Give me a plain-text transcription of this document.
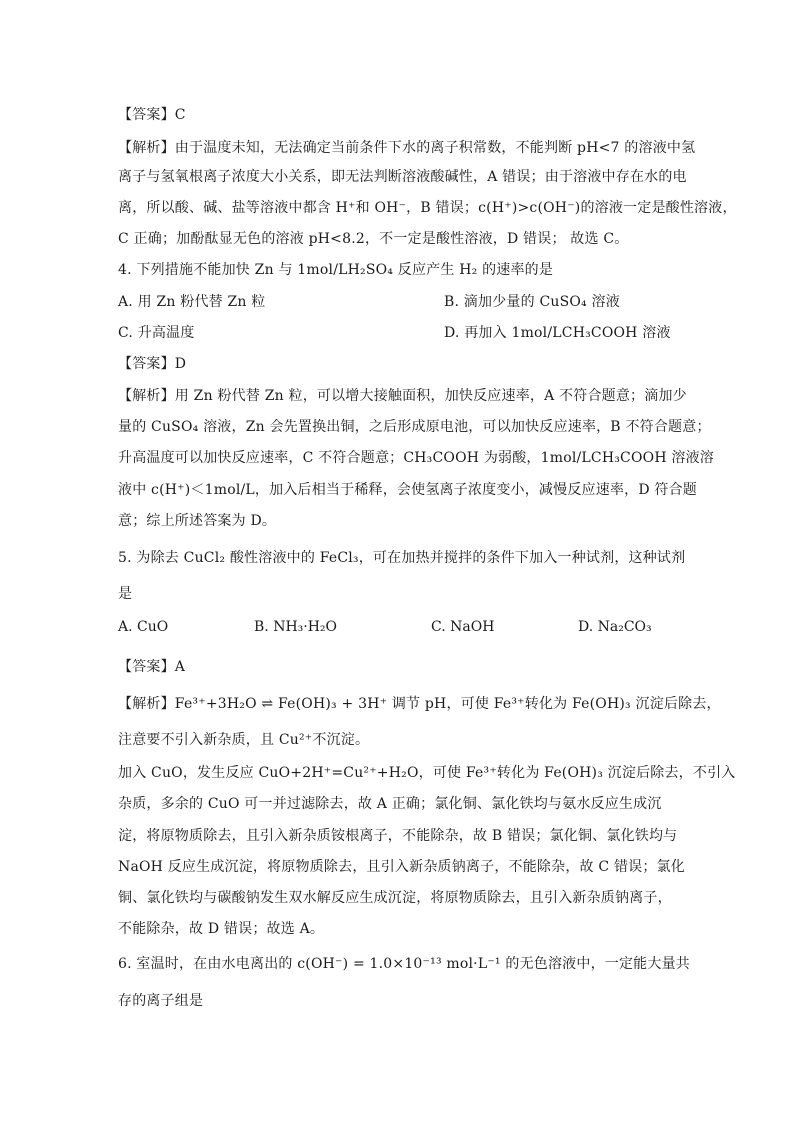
【答案】C
【解析】由于温度未知，无法确定当前条件下水的离子积常数，不能判断 pH<7 的溶液中氢
离子与氢氧根离子浓度大小关系，即无法判断溶液酸碱性，A 错误；由于溶液中存在水的电
离，所以酸、碱、盐等溶液中都含 H⁺和 OH⁻，B 错误；c(H⁺)>c(OH⁻)的溶液一定是酸性溶液，
C 正确；加酚酞显无色的溶液 pH<8.2，不一定是酸性溶液，D 错误； 故选 C。
4. 下列措施不能加快 Zn 与 1mol/LH₂SO₄ 反应产生 H₂ 的速率的是
A. 用 Zn 粉代替 Zn 粒	B. 滴加少量的 CuSO₄ 溶液
C. 升高温度	D. 再加入 1mol/LCH₃COOH 溶液
【答案】D
【解析】用 Zn 粉代替 Zn 粒，可以增大接触面积，加快反应速率，A 不符合题意；滴加少
量的 CuSO₄ 溶液，Zn 会先置换出铜，之后形成原电池，可以加快反应速率，B 不符合题意；
升高温度可以加快反应速率，C 不符合题意；CH₃COOH 为弱酸，1mol/LCH₃COOH 溶液溶
液中 c(H⁺)＜1mol/L，加入后相当于稀释，会使氢离子浓度变小，减慢反应速率，D 符合题
意；综上所述答案为 D。
5. 为除去 CuCl₂ 酸性溶液中的 FeCl₃，可在加热并搅拌的条件下加入一种试剂，这种试剂
是
A. CuO	B. NH₃·H₂O	C. NaOH	D. Na₂CO₃
【答案】A
【解析】Fe³⁺+3H₂O ⇌ Fe(OH)₃ + 3H⁺ 调节 pH，可使 Fe³⁺转化为 Fe(OH)₃ 沉淀后除去，
注意要不引入新杂质，且 Cu²⁺不沉淀。
加入 CuO，发生反应 CuO+2H⁺=Cu²⁺+H₂O，可使 Fe³⁺转化为 Fe(OH)₃ 沉淀后除去，不引入
杂质，多余的 CuO 可一并过滤除去，故 A 正确；氯化铜、氯化铁均与氨水反应生成沉
淀，将原物质除去，且引入新杂质铵根离子，不能除杂，故 B 错误；氯化铜、氯化铁均与
NaOH 反应生成沉淀，将原物质除去，且引入新杂质钠离子，不能除杂，故 C 错误；氯化
铜、氯化铁均与碳酸钠发生双水解反应生成沉淀，将原物质除去，且引入新杂质钠离子，
不能除杂，故 D 错误；故选 A。
6. 室温时，在由水电离出的 c(OH⁻) = 1.0×10⁻¹³ mol·L⁻¹ 的无色溶液中，一定能大量共
存的离子组是
